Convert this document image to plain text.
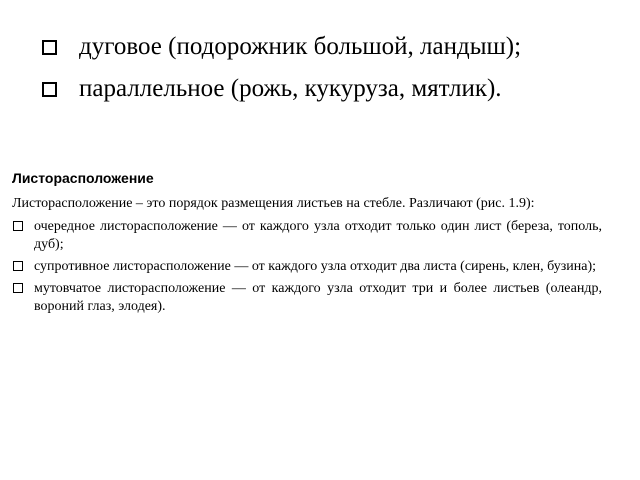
дуговое (подорожник большой, ландыш);
параллельное (рожь, кукуруза, мятлик).
Листорасположение
Листорасположение – это порядок размещения листьев на стебле. Различают (рис. 1.9):
очередное листорасположение — от каждого узла отходит только один лист (береза, тополь, дуб);
супротивное листорасположение — от каждого узла отходит два листа (сирень, клен, бузина);
мутовчатое листорасположение — от каждого узла отходит три и более листьев (олеандр, вороний глаз, элодея).
